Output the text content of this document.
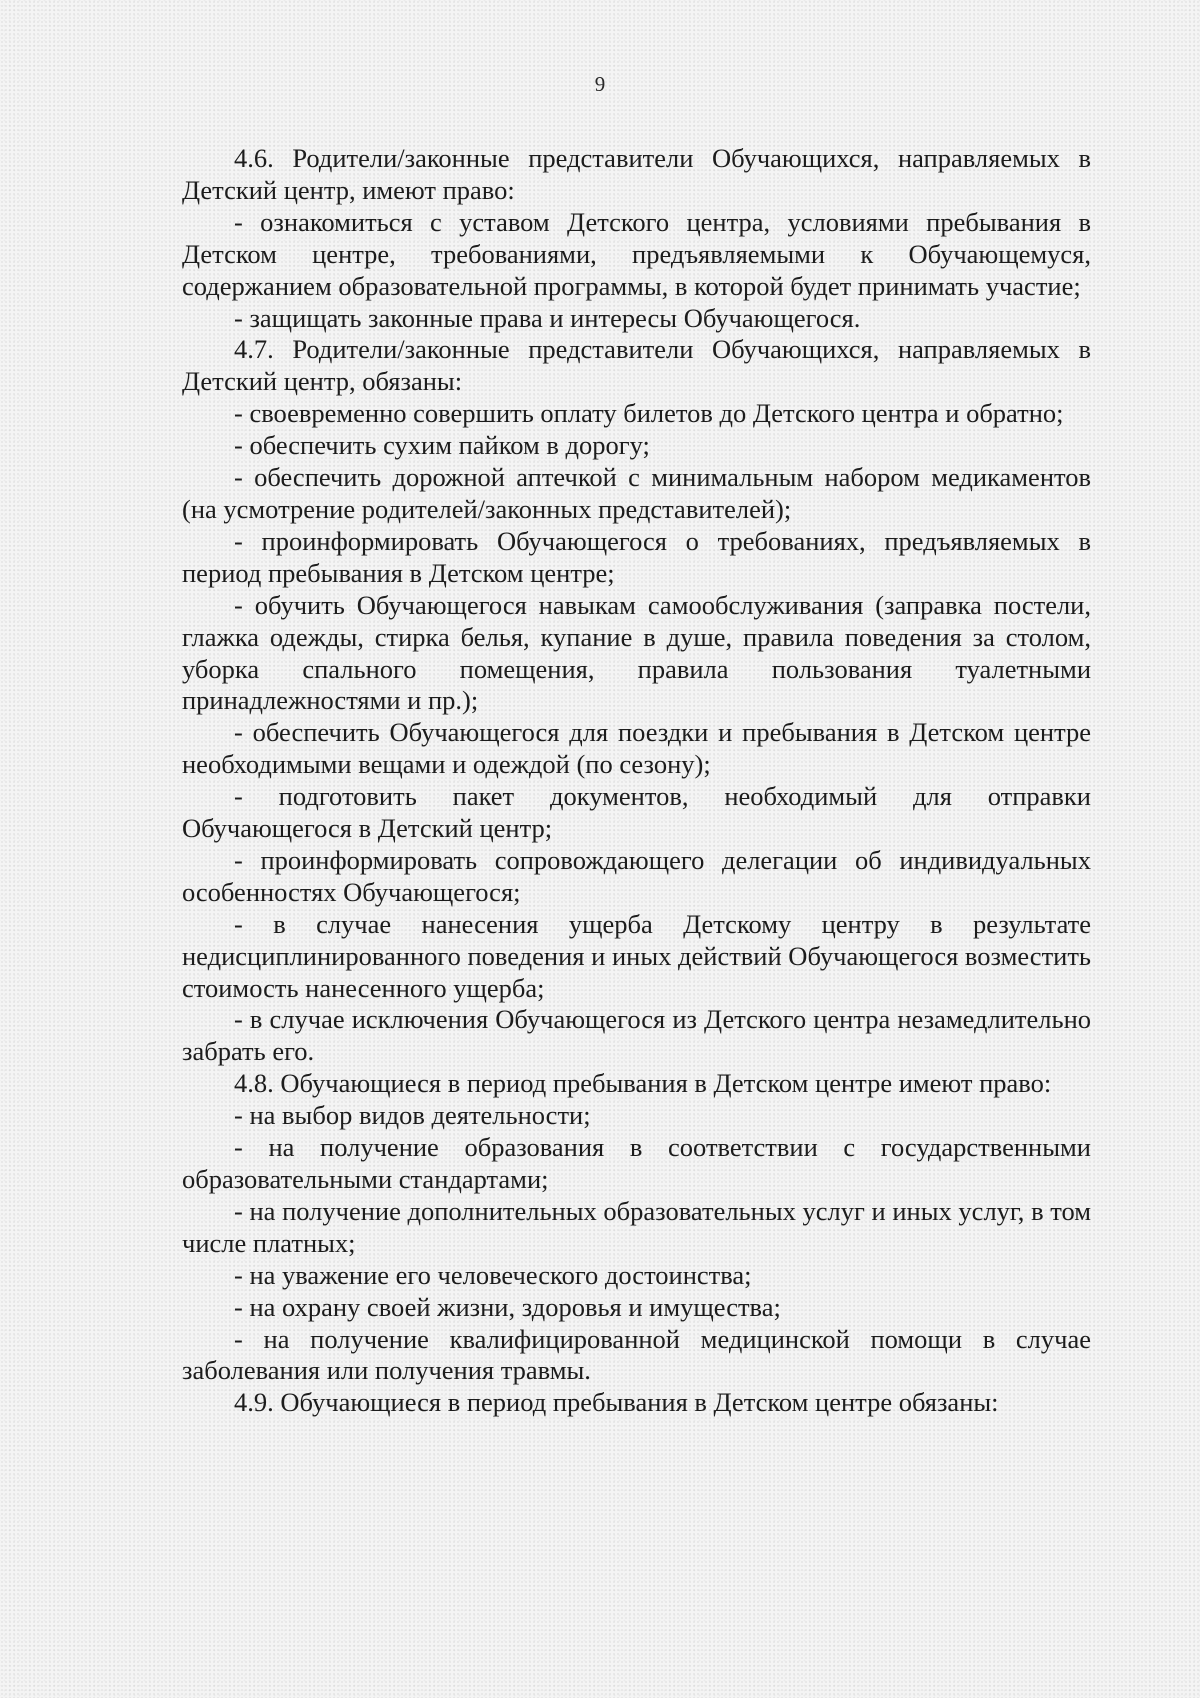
9

4.6. Родители/законные представители Обучающихся, направляемых в Детский центр, имеют право:

- ознакомиться с уставом Детского центра, условиями пребывания в Детском центре, требованиями, предъявляемыми к Обучающемуся, содержанием образовательной программы, в которой будет принимать участие;

- защищать законные права и интересы Обучающегося.

4.7. Родители/законные представители Обучающихся, направляемых в Детский центр, обязаны:

- своевременно совершить оплату билетов до Детского центра и обратно;

- обеспечить сухим пайком в дорогу;

- обеспечить дорожной аптечкой с минимальным набором медикаментов (на усмотрение родителей/законных представителей);

- проинформировать Обучающегося о требованиях, предъявляемых в период пребывания в Детском центре;

- обучить Обучающегося навыкам самообслуживания (заправка постели, глажка одежды, стирка белья, купание в душе, правила поведения за столом, уборка спального помещения, правила пользования туалетными принадлежностями и пр.);

- обеспечить Обучающегося для поездки и пребывания в Детском центре необходимыми вещами и одеждой (по сезону);

- подготовить пакет документов, необходимый для отправки Обучающегося в Детский центр;

- проинформировать сопровождающего делегации об индивидуальных особенностях Обучающегося;

- в случае нанесения ущерба Детскому центру в результате недисциплинированного поведения и иных действий Обучающегося возместить стоимость нанесенного ущерба;

- в случае исключения Обучающегося из Детского центра незамедлительно забрать его.

4.8. Обучающиеся в период пребывания в Детском центре имеют право:

- на выбор видов деятельности;

- на получение образования в соответствии с государственными образовательными стандартами;

- на получение дополнительных образовательных услуг и иных услуг, в том числе платных;

- на уважение его человеческого достоинства;

- на охрану своей жизни, здоровья и имущества;

- на получение квалифицированной медицинской помощи в случае заболевания или получения травмы.

4.9. Обучающиеся в период пребывания в Детском центре обязаны:
